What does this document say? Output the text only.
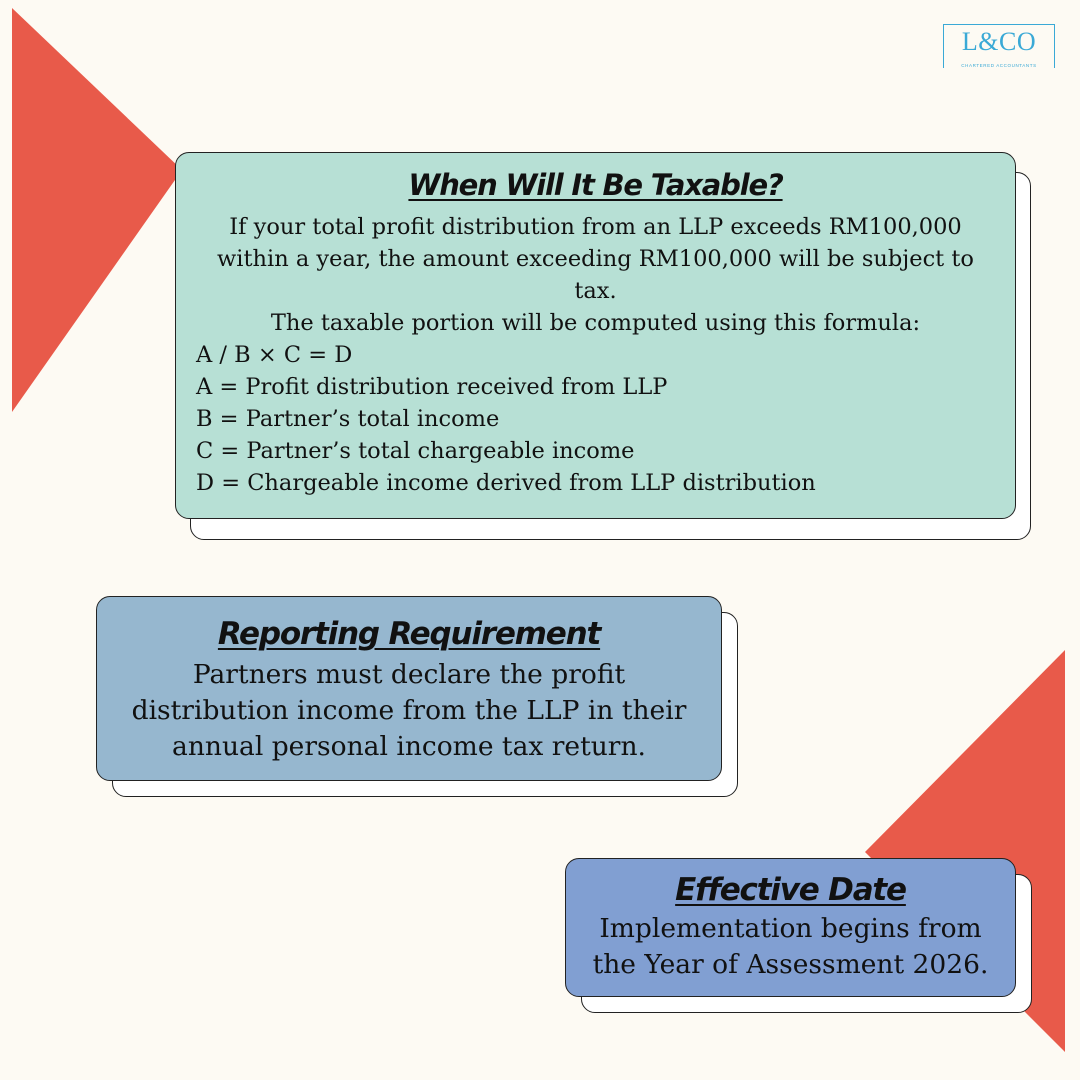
L&CO
CHARTERED ACCOUNTANTS
When Will It Be Taxable?

If your total profit distribution from an LLP exceeds RM100,000 within a year, the amount exceeding RM100,000 will be subject to tax.

The taxable portion will be computed using this formula:

A / B × C = D

A = Profit distribution received from LLP

B = Partner’s total income

C = Partner’s total chargeable income

D = Chargeable income derived from LLP distribution

Reporting Requirement

Partners must declare the profit distribution income from the LLP in their annual personal income tax return.

Effective Date

Implementation begins from the Year of Assessment 2026.
